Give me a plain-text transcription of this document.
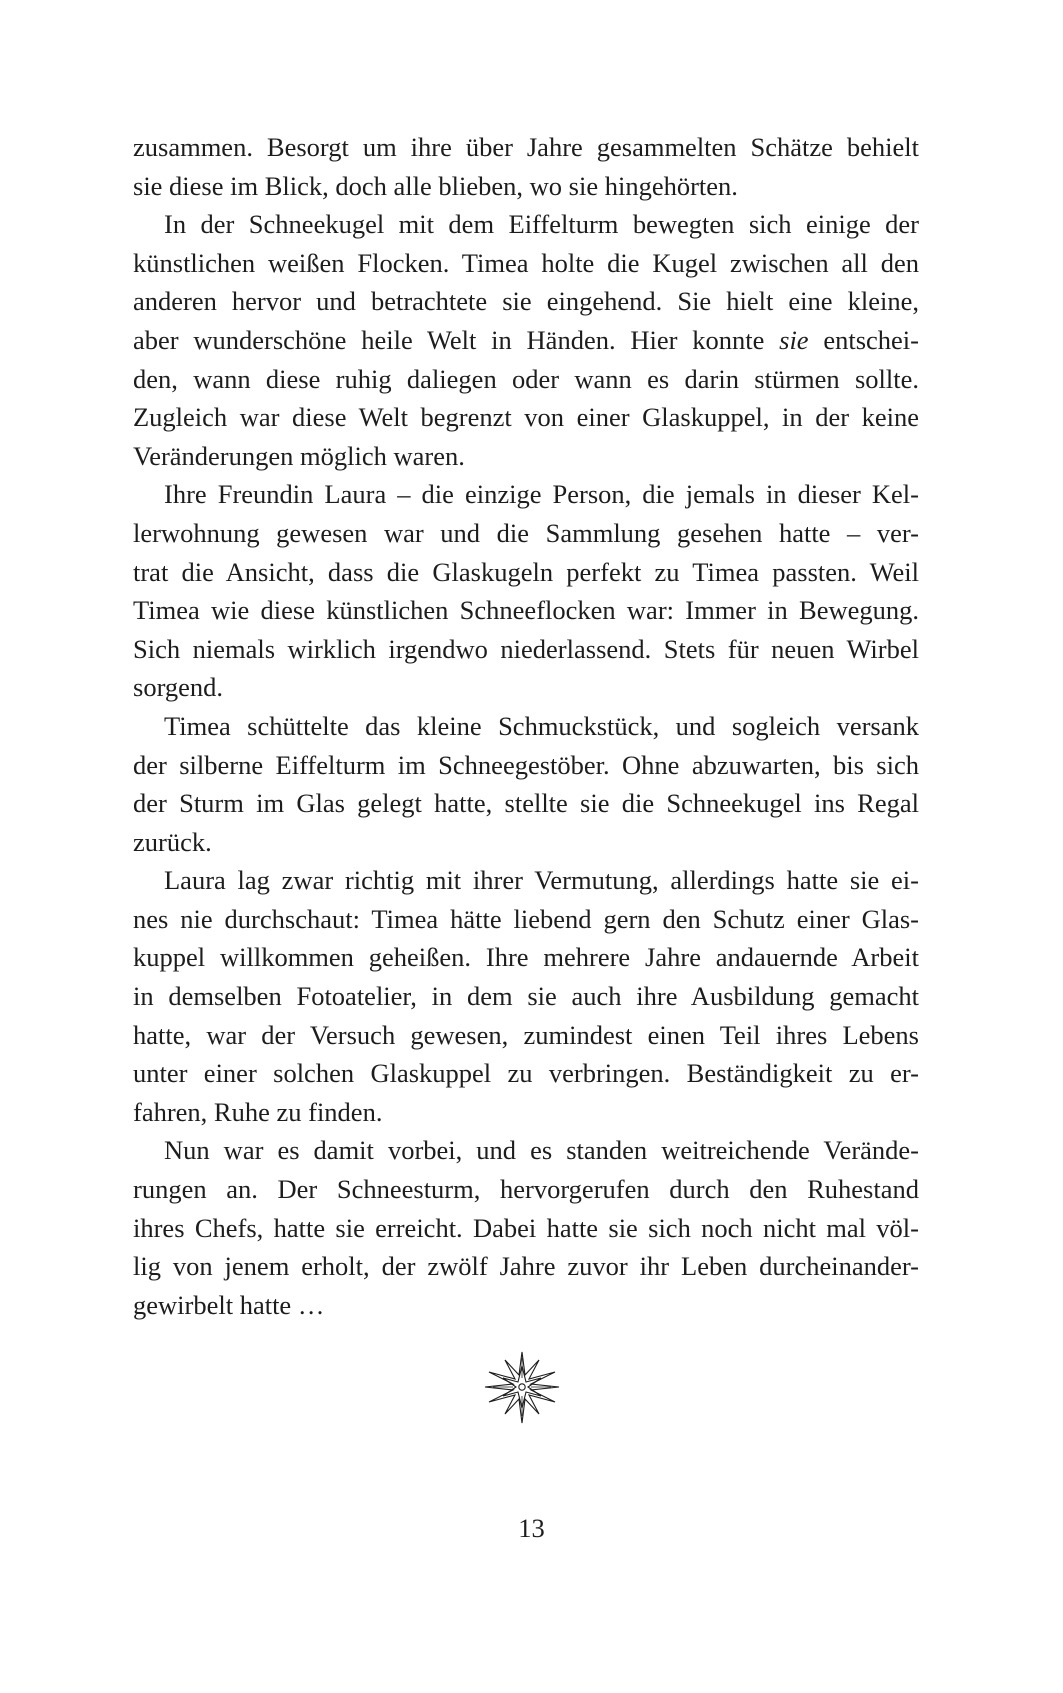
zusammen. Besorgt um ihre über Jahre gesammelten Schätze behielt
sie diese im Blick, doch alle blieben, wo sie hingehörten.
In der Schneekugel mit dem Eiffelturm bewegten sich einige der
künstlichen weißen Flocken. Timea holte die Kugel zwischen all den
anderen hervor und betrachtete sie eingehend. Sie hielt eine kleine,
aber wunderschöne heile Welt in Händen. Hier konnte sie entschei-
den, wann diese ruhig daliegen oder wann es darin stürmen sollte.
Zugleich war diese Welt begrenzt von einer Glaskuppel, in der keine
Veränderungen möglich waren.
Ihre Freundin Laura – die einzige Person, die jemals in dieser Kel-
lerwohnung gewesen war und die Sammlung gesehen hatte – ver-
trat die Ansicht, dass die Glaskugeln perfekt zu Timea passten. Weil
Timea wie diese künstlichen Schneeflocken war: Immer in Bewegung.
Sich niemals wirklich irgendwo niederlassend. Stets für neuen Wirbel
sorgend.
Timea schüttelte das kleine Schmuckstück, und sogleich versank
der silberne Eiffelturm im Schneegestöber. Ohne abzuwarten, bis sich
der Sturm im Glas gelegt hatte, stellte sie die Schneekugel ins Regal
zurück.
Laura lag zwar richtig mit ihrer Vermutung, allerdings hatte sie ei-
nes nie durchschaut: Timea hätte liebend gern den Schutz einer Glas-
kuppel willkommen geheißen. Ihre mehrere Jahre andauernde Arbeit
in demselben Fotoatelier, in dem sie auch ihre Ausbildung gemacht
hatte, war der Versuch gewesen, zumindest einen Teil ihres Lebens
unter einer solchen Glaskuppel zu verbringen. Beständigkeit zu er-
fahren, Ruhe zu finden.
Nun war es damit vorbei, und es standen weitreichende Verände-
rungen an. Der Schneesturm, hervorgerufen durch den Ruhestand
ihres Chefs, hatte sie erreicht. Dabei hatte sie sich noch nicht mal völ-
lig von jenem erholt, der zwölf Jahre zuvor ihr Leben durcheinander-
gewirbelt hatte …
13
